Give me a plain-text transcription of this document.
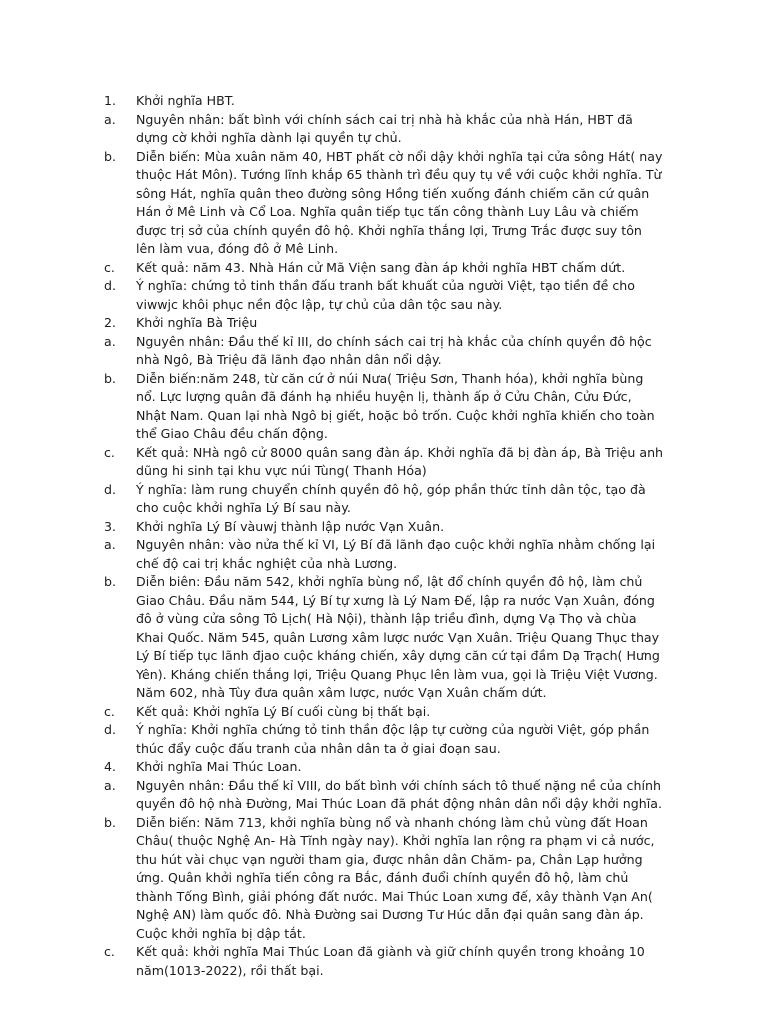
1.	Khởi nghĩa HBT.
a.	Nguyên nhân: bất bình với chính sách cai trị nhà hà khắc của nhà Hán, HBT đã dựng cờ khởi nghĩa dành lại quyền tự chủ.
b.	Diễn biến: Mùa xuân năm 40, HBT phất cờ nổi dậy khởi nghĩa tại cửa sông Hát( nay thuộc Hát Môn). Tướng lĩnh khắp 65 thành trì đều quy tụ về với cuộc khởi nghĩa. Từ sông Hát, nghĩa quân theo đường sông Hồng tiến xuống đánh chiếm căn cứ quân Hán ở Mê Linh và Cổ Loa. Nghĩa quân tiếp tục tấn công thành Luy Lâu và chiếm được trị sở của chính quyền đô hộ. Khởi nghĩa thắng lợi, Trưng Trắc được suy tôn lên làm vua, đóng đô ở Mê Linh.
c.	Kết quả: năm 43. Nhà Hán cử Mã Viện sang đàn áp khởi nghĩa HBT chấm dứt.
d.	Ý nghĩa: chứng tỏ tinh thần đấu tranh bất khuất của người Việt, tạo tiền đề cho viwwjc khôi phục nền độc lập, tự chủ của dân tộc sau này.
2.	Khởi nghĩa Bà Triệu
a.	Nguyên nhân: Đầu thế kỉ III, do chính sách cai trị hà khắc của chính quyền đô hộc nhà Ngô, Bà Triệu đã lãnh đạo nhân dân nổi dậy.
b.	Diễn biến:năm 248, từ căn cứ ở núi Nưa( Triệu Sơn, Thanh hóa), khởi nghĩa bùng nổ. Lực lượng quân đã đánh hạ nhiều huyện lị, thành ấp ở Cửu Chân, Cửu Đức, Nhật Nam. Quan lại nhà Ngô bị giết, hoặc bỏ trốn. Cuộc khởi nghĩa khiến cho toàn thể Giao Châu đều chấn động.
c.	Kết quả: NHà ngô cử 8000 quân sang đàn áp. Khởi nghĩa đã bị đàn áp, Bà Triệu anh dũng hi sinh tại khu vực núi Tùng( Thanh Hóa)
d.	Ý nghĩa: làm rung chuyển chính quyền đô hộ, góp phần thức tỉnh dân tộc, tạo đà cho cuộc khởi nghĩa Lý Bí sau này.
3.	Khởi nghĩa Lý Bí vàuwj thành lập nước Vạn Xuân.
a.	Nguyên nhân: vào nửa thế kỉ VI, Lý Bí đã lãnh đạo cuộc khởi nghĩa nhằm chống lại chế độ cai trị khắc nghiệt của nhà Lương.
b.	Diễn biên: Đầu năm 542, khởi nghĩa bùng nổ, lật đổ chính quyền đô hộ, làm chủ Giao Châu. Đầu năm 544, Lý Bí tự xưng là Lý Nam Đế, lập ra nước Vạn Xuân, đóng đô ở vùng cửa sông Tô Lịch( Hà Nội), thành lập triều đình, dựng Vạ Thọ và chùa Khai Quốc. Năm 545, quân Lương xâm lược nước Vạn Xuân. Triệu Quang Thục thay Lý Bí tiếp tục lãnh đjao cuộc kháng chiến, xây dựng căn cứ tại đầm Dạ Trạch( Hưng Yên). Kháng chiến thắng lợi, Triệu Quang Phục lên làm vua, gọi là Triệu Việt Vương. Năm 602, nhà Tùy đưa quân xâm lược, nước Vạn Xuân chấm dứt.
c.	Kết quả: Khởi nghĩa Lý Bí cuối cùng bị thất bại.
d.	Ý nghĩa: Khởi nghĩa chứng tỏ tinh thần độc lập tự cường của người Việt, góp phần thúc đẩy cuộc đấu tranh của nhân dân ta ở giai đoạn sau.
4.	Khởi nghĩa Mai Thúc Loan.
a.	Nguyên nhân: Đầu thế kỉ VIII, do bất bình với chính sách tô thuế nặng nề của chính quyền đô hộ nhà Đường, Mai Thúc Loan đã phát động nhân dân nổi dậy khởi nghĩa.
b.	Diễn biến: Năm 713, khởi nghĩa bùng nổ và nhanh chóng làm chủ vùng đất Hoan Châu( thuộc Nghệ An- Hà Tĩnh ngày nay). Khởi nghĩa lan rộng ra phạm vi cả nước, thu hút vài chục vạn người tham gia, được nhân dân Chăm- pa, Chân Lạp hưởng ứng. Quân khởi nghĩa tiến công ra Bắc, đánh đuổi chính quyền đô hộ, làm chủ thành Tống Bình, giải phóng đất nước. Mai Thúc Loan xưng đế, xây thành Vạn An( Nghệ AN) làm quốc đô. Nhà Đường sai Dương Tư Húc dẫn đại quân sang đàn áp. Cuộc khởi nghĩa bị dập tắt.
c.	Kết quả: khởi nghĩa Mai Thúc Loan đã giành và giữ chính quyền trong khoảng 10 năm(1013-2022), rồi thất bại.
